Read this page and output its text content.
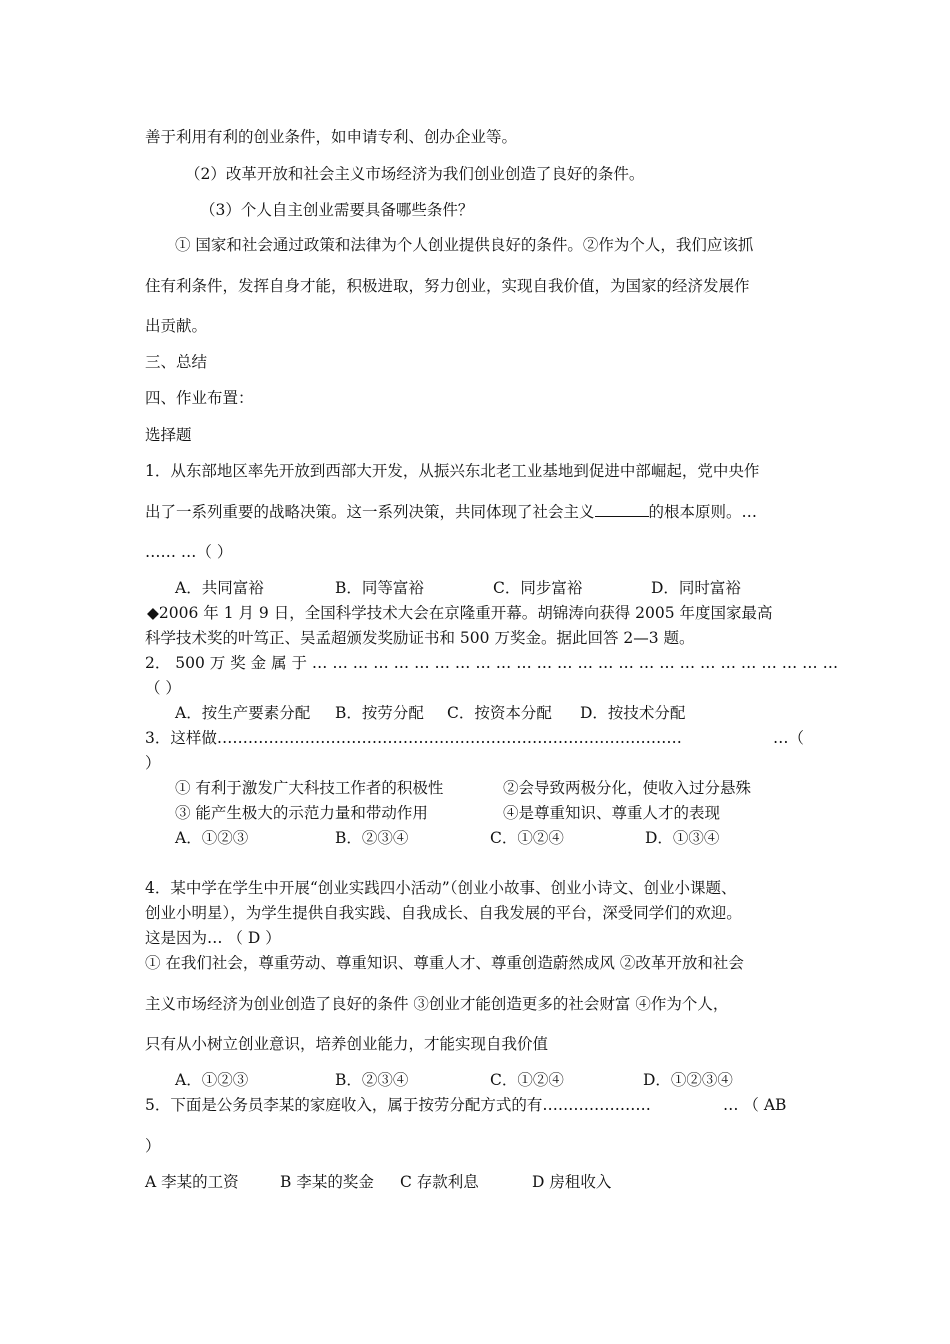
善于利用有利的创业条件，如申请专利、创办企业等。
（2）改革开放和社会主义市场经济为我们创业创造了良好的条件。
（3）个人自主创业需要具备哪些条件？
① 国家和社会通过政策和法律为个人创业提供良好的条件。②作为个人，我们应该抓
住有利条件，发挥自身才能，积极进取，努力创业，实现自我价值，为国家的经济发展作
出贡献。
三、总结
四、作业布置：
选择题
1．从东部地区率先开放到西部大开发，从振兴东北老工业基地到促进中部崛起，党中央作
出了一系列重要的战略决策。这一系列决策，共同体现了社会主义	的根本原则。…
…… …（ ）
A．共同富裕	B．同等富裕	C．同步富裕	D．同时富裕
◆2006 年 1 月 9 日，全国科学技术大会在京隆重开幕。胡锦涛向获得 2005 年度国家最高
科学技术奖的叶笃正、吴孟超颁发奖励证书和 500 万奖金。据此回答 2—3 题。
2． 500 万 奖 金 属 于 … … … … … … … … … … … … … … … … … … … … … … … … … …
（ ）
A．按生产要素分配 B．按劳分配 C．按资本分配 D．按技术分配
3．这样做………………………………………………………………………………	…（
）
① 有利于激发广大科技工作者的积极性	②会导致两极分化，使收入过分悬殊
③ 能产生极大的示范力量和带动作用	④是尊重知识、尊重人才的表现
A．①②③	B．②③④	C．①②④	D．①③④
4．某中学在学生中开展“创业实践四小活动”（创业小故事、创业小诗文、创业小课题、
创业小明星），为学生提供自我实践、自我成长、自我发展的平台，深受同学们的欢迎。
这是因为… （ D ）
① 在我们社会，尊重劳动、尊重知识、尊重人才、尊重创造蔚然成风 ②改革开放和社会
主义市场经济为创业创造了良好的条件 ③创业才能创造更多的社会财富 ④作为个人，
只有从小树立创业意识，培养创业能力，才能实现自我价值
A．①②③	B．②③④	C．①②④	D．①②③④
5．下面是公务员李某的家庭收入，属于按劳分配方式的有…………………	… （ AB
）
A 李某的工资	B 李某的奖金 C 存款利息	D 房租收入
